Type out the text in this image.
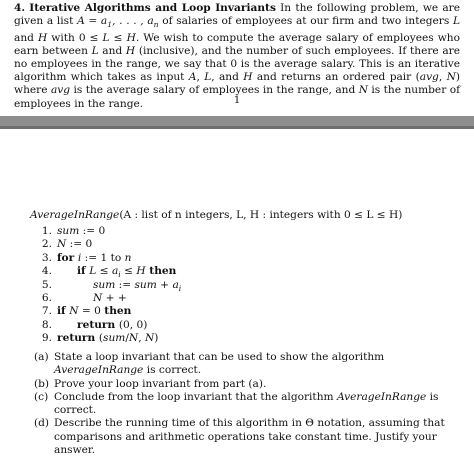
4. Iterative Algorithms and Loop Invariants In the following problem, we are given a list $A = a_1$, . . . , $a_n$ of salaries of employees at our firm and two integers L and H with 0 ≤ L ≤ H. We wish to compute the average salary of employees who earn between L and H (inclusive), and the number of such employees. If there are no employees in the range, we say that 0 is the average salary. This is an iterative algorithm which takes as input A, L, and H and returns an ordered pair (avg, N) where avg is the average salary of employees in the range, and N is the number of employees in the range.	1
AverageInRange(A : list of n integers, L, H : integers with 0 ≤ L ≤ H)
1. sum := 0
2. N := 0
3. for i := 1 to n
4. if $L \le a_i \le H$ then
5.	sum := sum + $a_i$
6.	N + +
7. if N = 0 then
8. return (0, 0)
9. return (sum/N, N)
(a) State a loop invariant that can be used to show the algorithm AverageInRange is correct.
(b) Prove your loop invariant from part (a).
(c) Conclude from the loop invariant that the algorithm AverageInRange is correct.
(d) Describe the running time of this algorithm in Θ notation, assuming that comparisons and arithmetic operations take constant time. Justify your answer.
